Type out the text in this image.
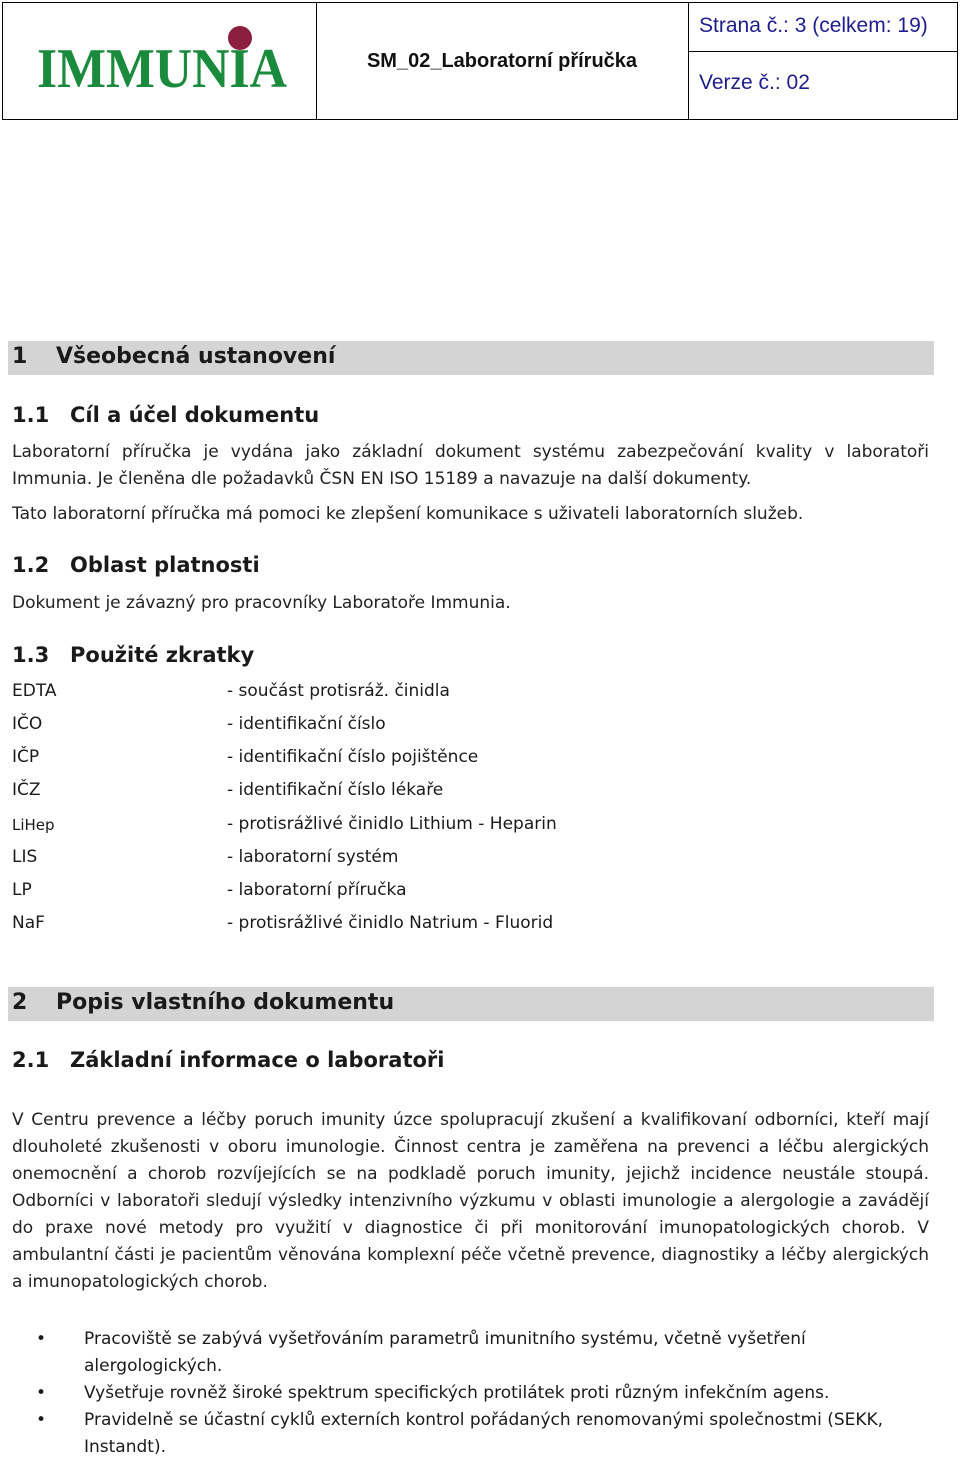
IMMUNIA	SM_02_Laboratorní příručka
Strana č.: 3 (celkem: 19)
Verze č.: 02
1 Všeobecná ustanovení
1.1 Cíl a účel dokumentu
Laboratorní příručka je vydána jako základní dokument systému zabezpečování kvality v laboratoři Immunia. Je členěna dle požadavků ČSN EN ISO 15189 a navazuje na další dokumenty.
Tato laboratorní příručka má pomoci ke zlepšení komunikace s uživateli laboratorních služeb.
1.2 Oblast platnosti
Dokument je závazný pro pracovníky Laboratoře Immunia.
1.3 Použité zkratky
EDTA	- součást protisráž. činidla
IČO	- identifikační číslo
IČP	- identifikační číslo pojištěnce
IČZ	- identifikační číslo lékaře
LiHep	- protisrážlivé činidlo Lithium - Heparin
LIS	- laboratorní systém
LP	- laboratorní příručka
NaF	- protisrážlivé činidlo Natrium - Fluorid
2 Popis vlastního dokumentu
2.1 Základní informace o laboratoři
V Centru prevence a léčby poruch imunity úzce spolupracují zkušení a kvalifikovaní odborníci, kteří mají dlouholeté zkušenosti v oboru imunologie. Činnost centra je zaměřena na prevenci a léčbu alergických onemocnění a chorob rozvíjejících se na podkladě poruch imunity, jejichž incidence neustále stoupá. Odborníci v laboratoři sledují výsledky intenzivního výzkumu v oblasti imunologie a alergologie a zavádějí do praxe nové metody pro využití v diagnostice či při monitorování imunopatologických chorob. V ambulantní části je pacientům věnována komplexní péče včetně prevence, diagnostiky a léčby alergických a imunopatologických chorob.
• Pracoviště se zabývá vyšetřováním parametrů imunitního systému, včetně vyšetření alergologických.
• Vyšetřuje rovněž široké spektrum specifických protilátek proti různým infekčním agens.
• Pravidelně se účastní cyklů externích kontrol pořádaných renomovanými společnostmi (SEKK, Instandt).
